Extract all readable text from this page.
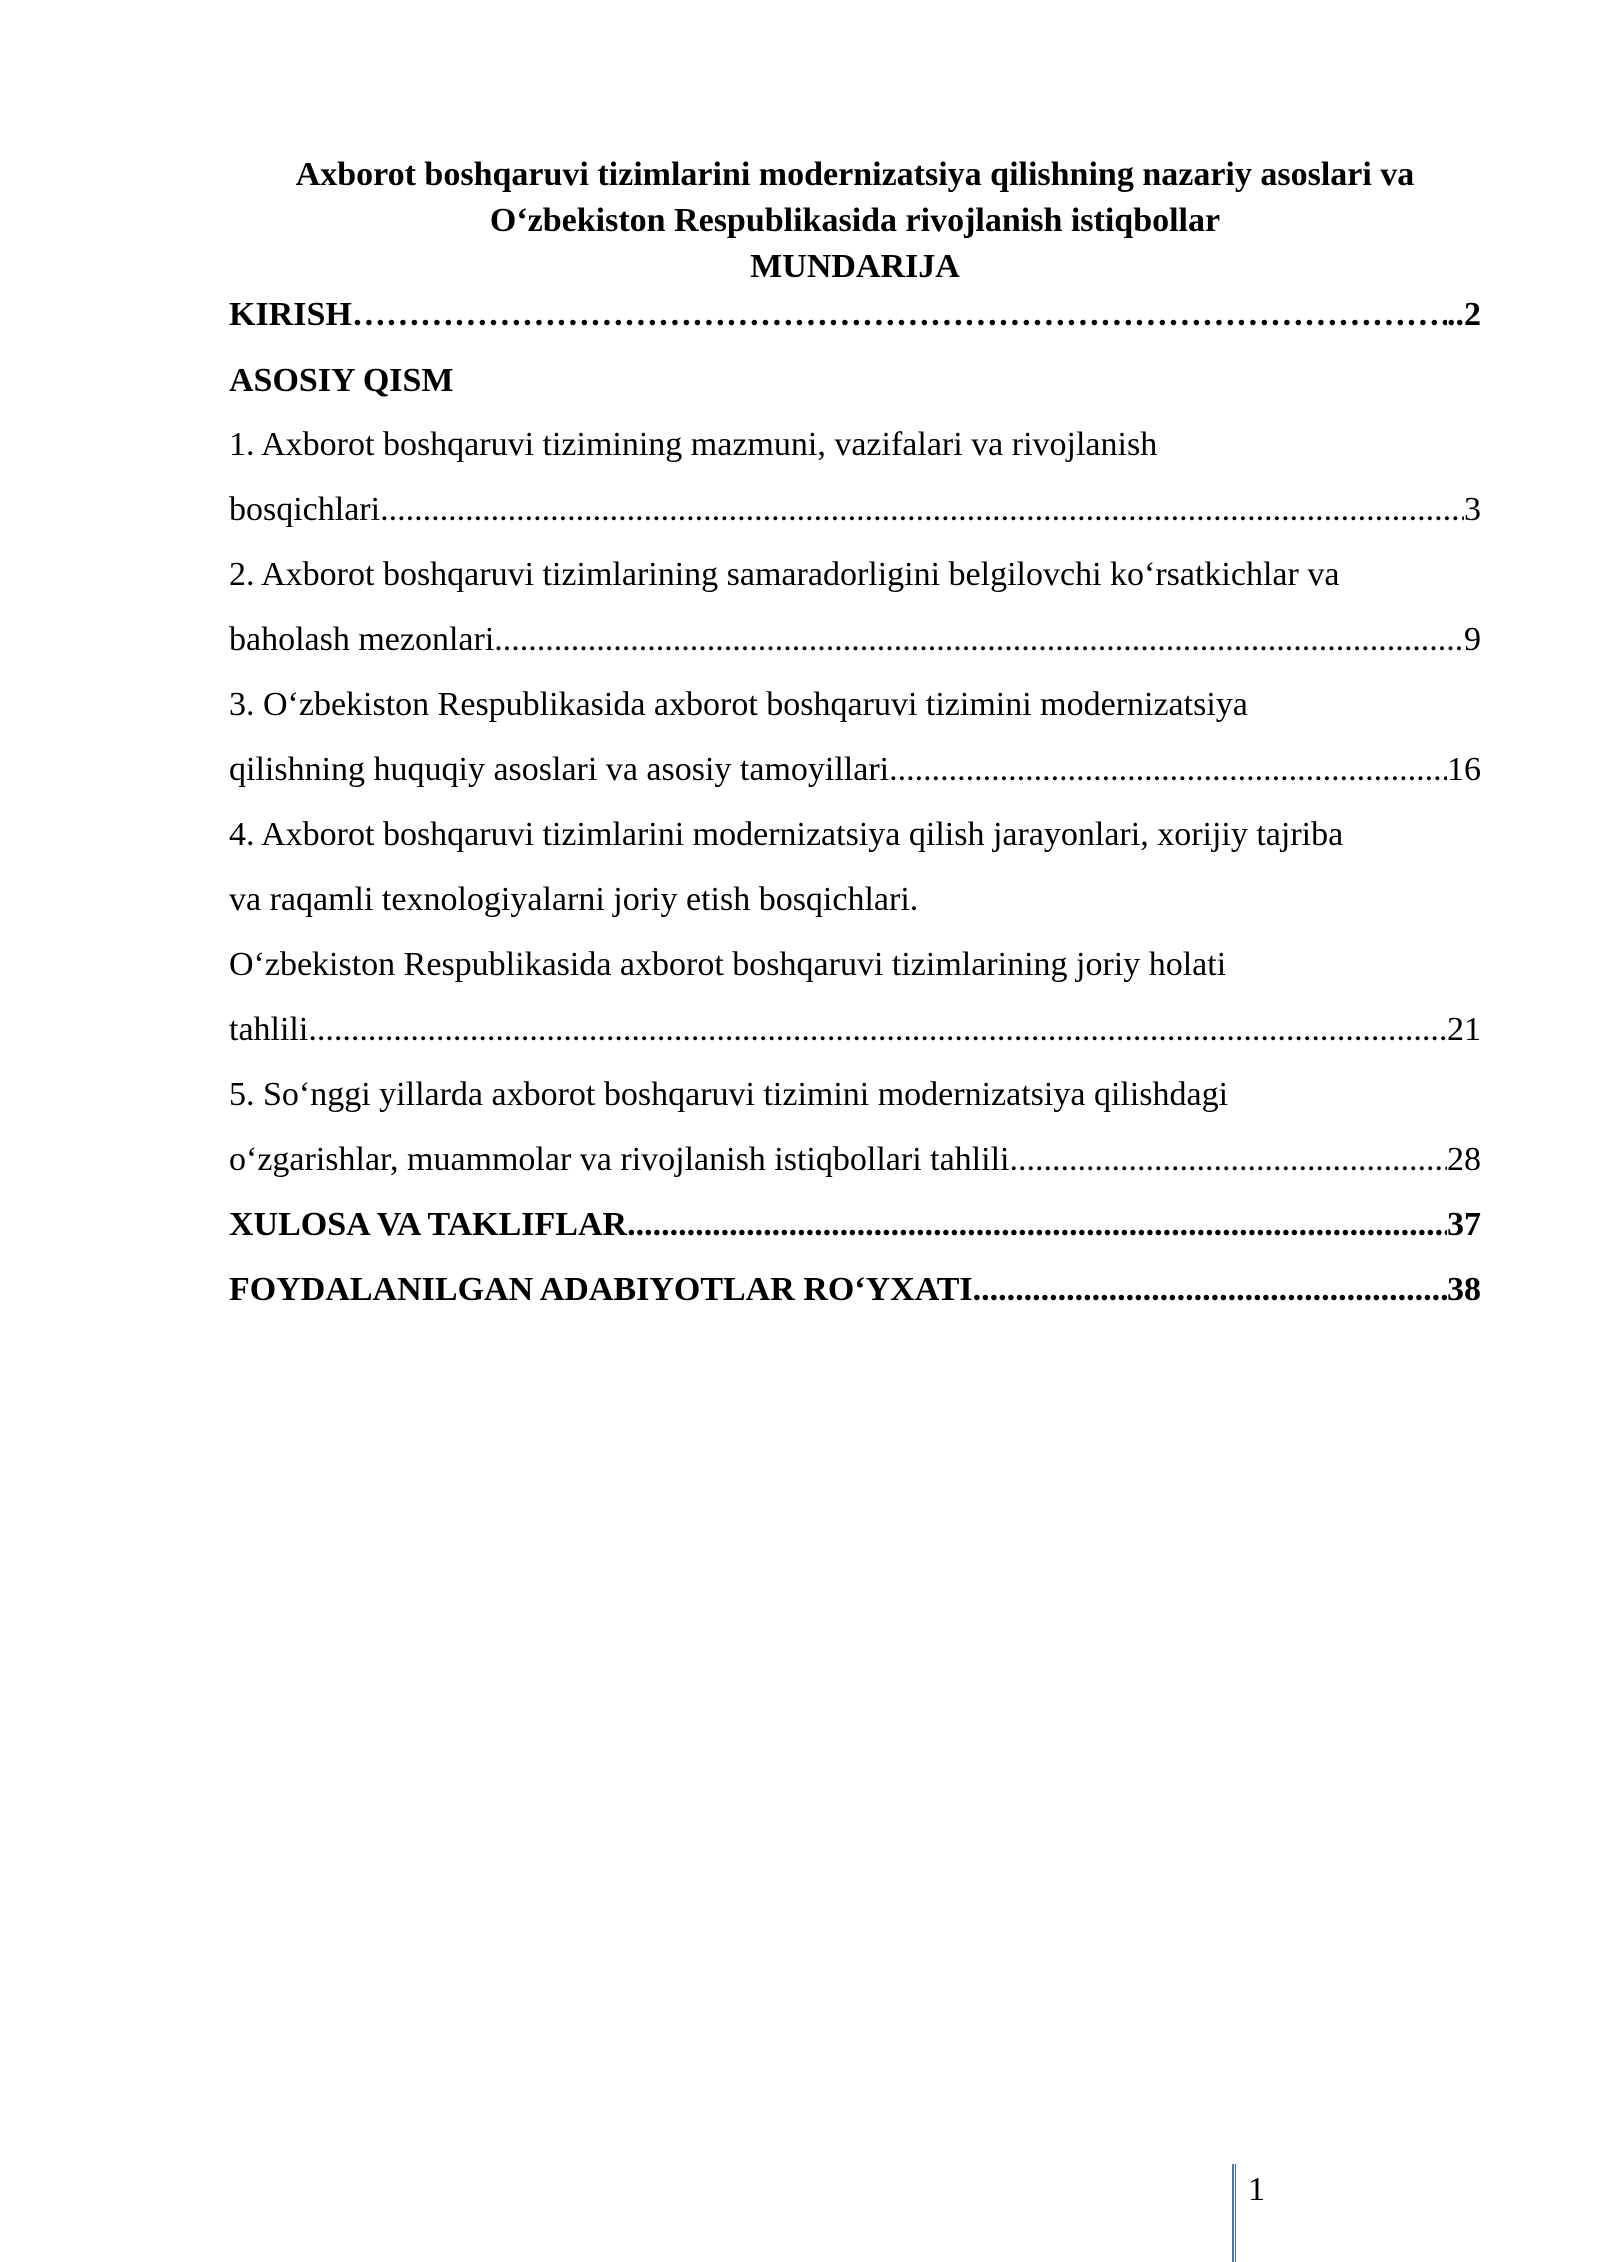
Axborot boshqaruvi tizimlarini modernizatsiya qilishning nazariy asoslari va
O‘zbekiston Respublikasida rivojlanish istiqbollar
MUNDARIJA
KIRISH ……………………………………………………………………………………………………………………………………………	..2
ASOSIY QISM
1. Axborot boshqaruvi tizimining mazmuni, vazifalari va rivojlanish
bosqichlari .....	3
2. Axborot boshqaruvi tizimlarining samaradorligini belgilovchi ko‘rsatkichlar va
baholash mezonlari .....	9
3. O‘zbekiston Respublikasida axborot boshqaruvi tizimini modernizatsiya
qilishning huquqiy asoslari va asosiy tamoyillari .....	16
4. Axborot boshqaruvi tizimlarini modernizatsiya qilish jarayonlari, xorijiy tajriba
va raqamli texnologiyalarni joriy etish bosqichlari.
O‘zbekiston Respublikasida axborot boshqaruvi tizimlarining joriy holati
tahlili .....	21
5. So‘nggi yillarda axborot boshqaruvi tizimini modernizatsiya qilishdagi
o‘zgarishlar, muammolar va rivojlanish istiqbollari tahlili .....	28
XULOSA VA TAKLIFLAR .....	37
FOYDALANILGAN ADABIYOTLAR RO‘YXATI .....	38
1
